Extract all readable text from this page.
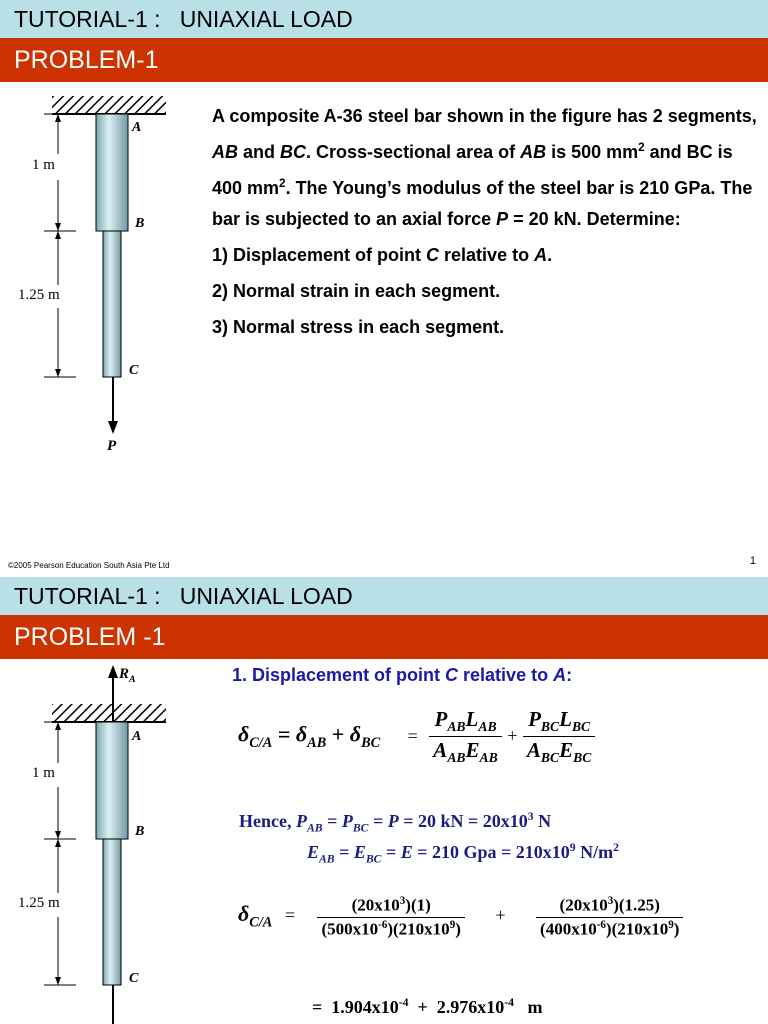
TUTORIAL-1 :   UNIAXIAL LOAD
PROBLEM-1
A
B
C
P
1 m
1.25 m

A composite A-36 steel bar shown in the figure has 2 segments, AB and BC. Cross-sectional area of AB is 500 $mm^2$ and BC is 400 $mm^2$. The Young’s modulus of the steel bar is 210 GPa. The bar is subjected to an axial force P = 20 kN. Determine:

1) Displacement of point C relative to A.

2) Normal strain in each segment.

3) Normal stress in each segment.

©2005 Pearson Education South Asia Pte Ltd	1
TUTORIAL-1 :   UNIAXIAL LOAD
PROBLEM -1
$R_A$
A
B
C
1 m
1.25 m
1. Displacement of point C relative to A:
$\delta_{C/A} = \delta_{AB} + \delta_{BC} = \frac{P_{AB}L_{AB}}{A_{AB}E_{AB}} + \frac{P_{BC}L_{BC}}{A_{BC}E_{BC}}$
Hence, $P_{AB} = P_{BC} = P = 20$ kN = $20x10^3$ N
$E_{AB} = E_{BC} = E = 210$ Gpa = $210x10^9$ $N/m^2$
$\delta_{C/A} = \frac{(20x10^3)(1)}{(500x10^{-6})(210x10^9)} + \frac{(20x10^3)(1.25)}{(400x10^{-6})(210x10^9)}$

=  $1.904x10^{-4} + 2.976x10^{-4}$   m
